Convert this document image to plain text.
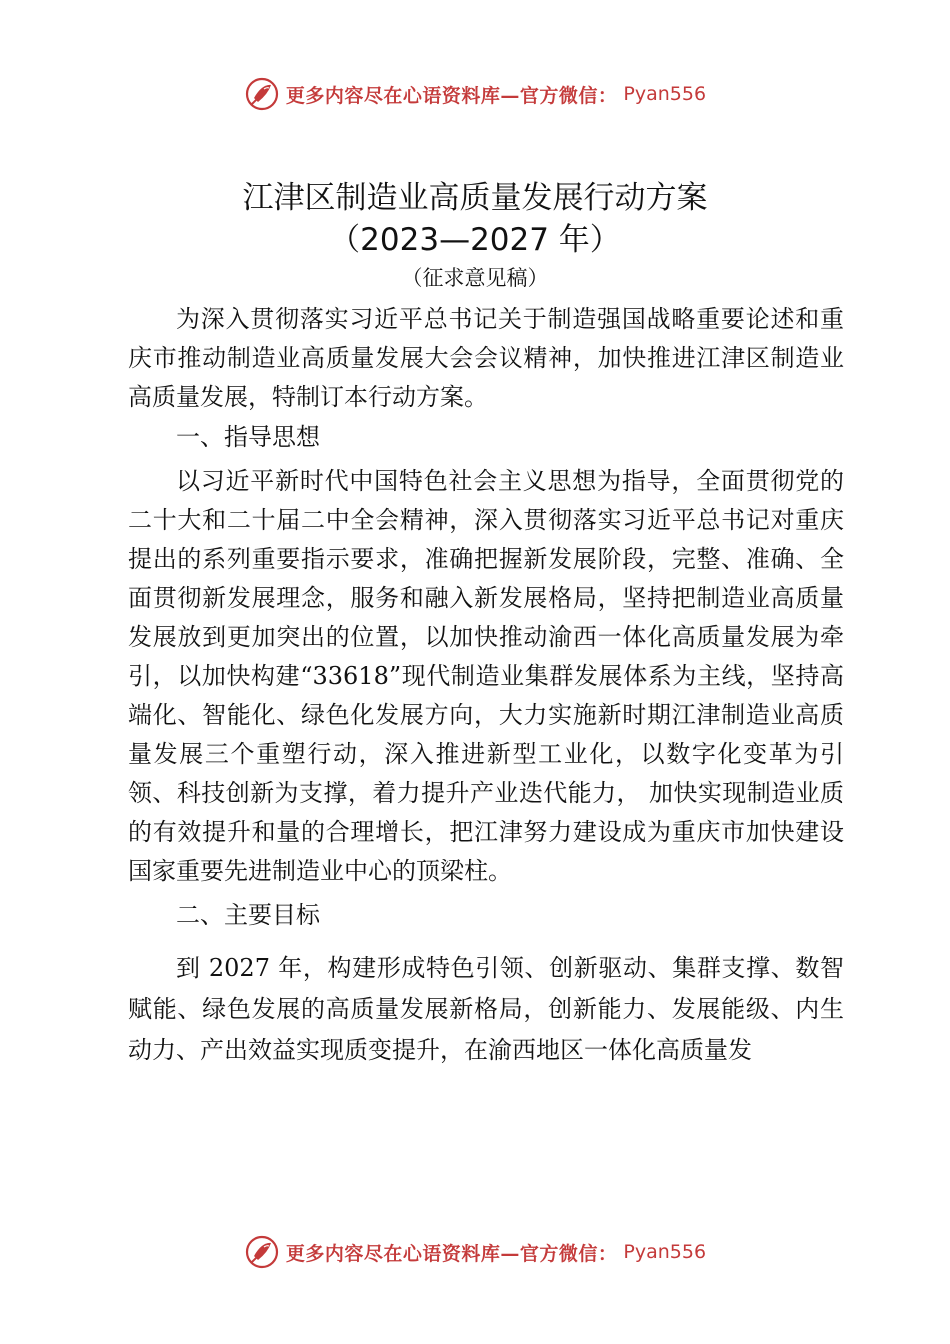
更多内容尽在心语资料库—官方微信： Pyan556
江津区制造业高质量发展行动方案
（2023—2027 年）
（征求意见稿）
为深入贯彻落实习近平总书记关于制造强国战略重要论述和重庆市推动制造业高质量发展大会会议精神，加快推进江津区制造业高质量发展，特制订本行动方案。
一、指导思想
以习近平新时代中国特色社会主义思想为指导，全面贯彻党的二十大和二十届二中全会精神，深入贯彻落实习近平总书记对重庆提出的系列重要指示要求，准确把握新发展阶段，完整、准确、全面贯彻新发展理念，服务和融入新发展格局，坚持把制造业高质量发展放到更加突出的位置，以加快推动渝西一体化高质量发展为牵引，以加快构建“33618”现代制造业集群发展体系为主线，坚持高端化、智能化、绿色化发展方向，大力实施新时期江津制造业高质量发展三个重塑行动，深入推进新型工业化，以数字化变革为引领、科技创新为支撑，着力提升产业迭代能力， 加快实现制造业质的有效提升和量的合理增长，把江津努力建设成为重庆市加快建设国家重要先进制造业中心的顶梁柱。
二、主要目标
到 2027 年，构建形成特色引领、创新驱动、集群支撑、数智赋能、绿色发展的高质量发展新格局，创新能力、发展能级、内生动力、产出效益实现质变提升，在渝西地区一体化高质量发
更多内容尽在心语资料库—官方微信： Pyan556
